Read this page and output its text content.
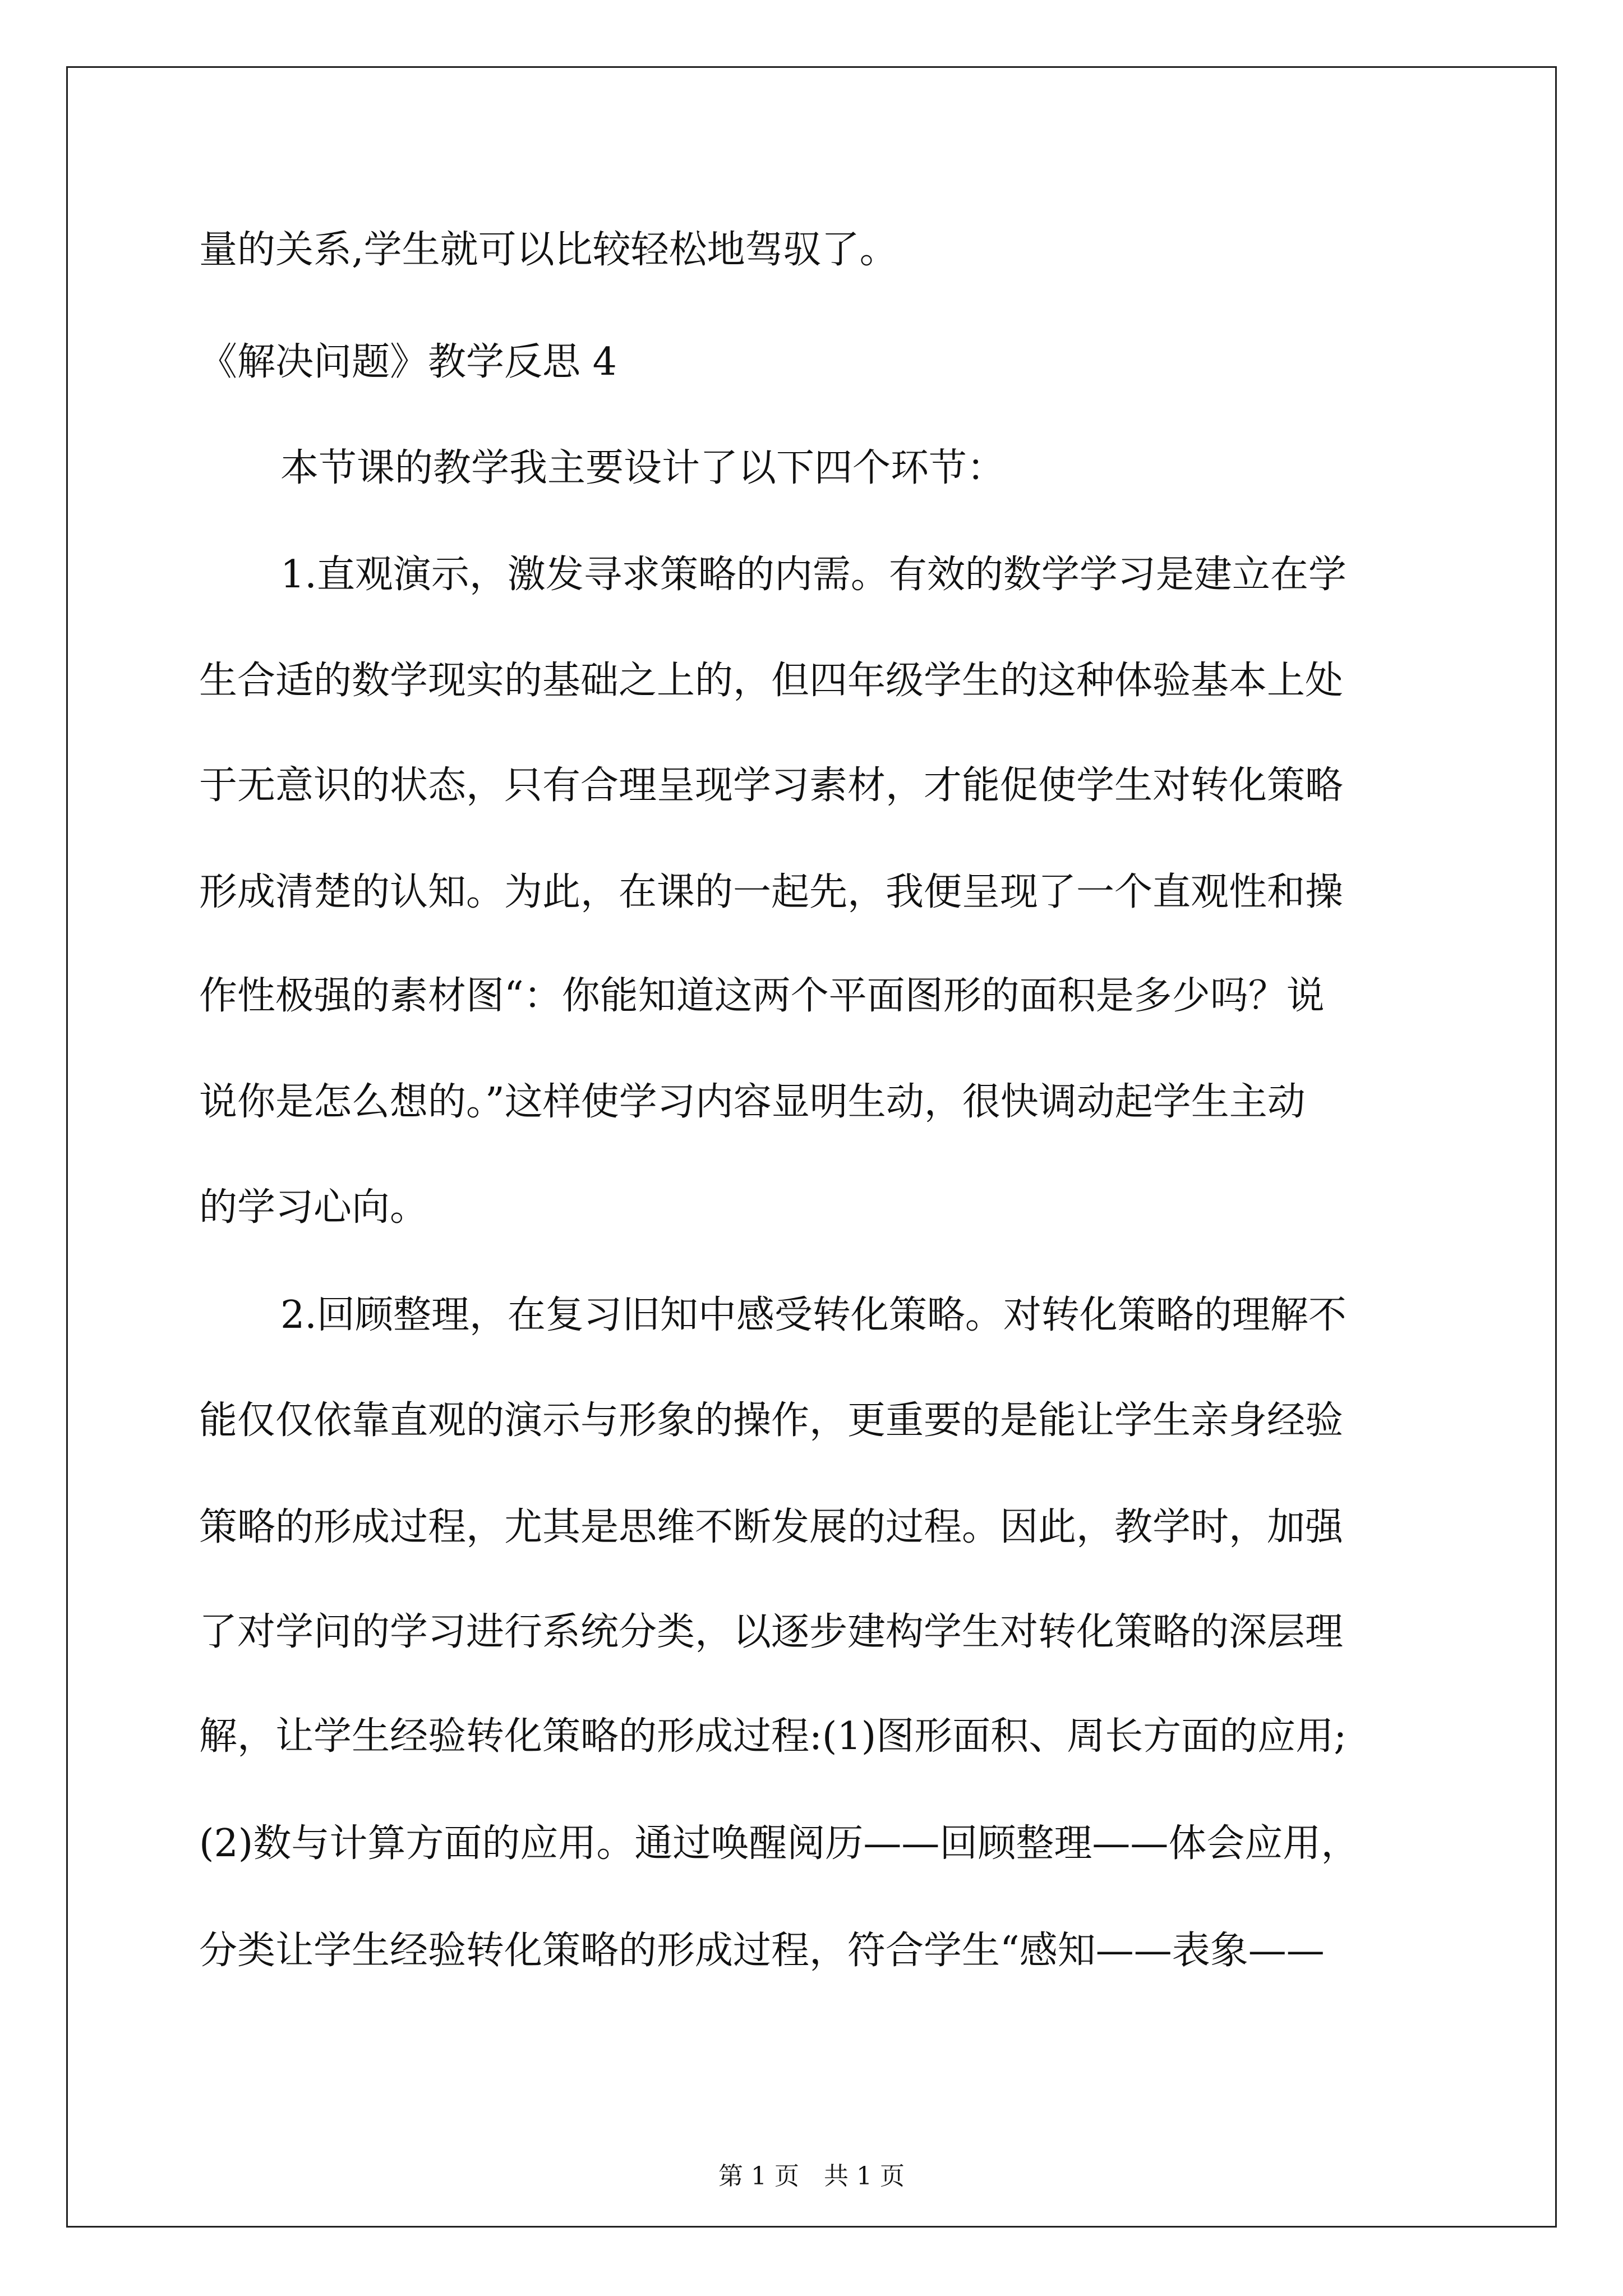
量的关系,学生就可以比较轻松地驾驭了。
《解决问题》教学反思 4
本节课的教学我主要设计了以下四个环节：
1.直观演示，激发寻求策略的内需。有效的数学学习是建立在学
生合适的数学现实的基础之上的，但四年级学生的这种体验基本上处
于无意识的状态，只有合理呈现学习素材，才能促使学生对转化策略
形成清楚的认知。为此，在课的一起先，我便呈现了一个直观性和操
作性极强的素材图“：你能知道这两个平面图形的面积是多少吗？说
说你是怎么想的。”这样使学习内容显明生动，很快调动起学生主动
的学习心向。
2.回顾整理，在复习旧知中感受转化策略。对转化策略的理解不
能仅仅依靠直观的演示与形象的操作，更重要的是能让学生亲身经验
策略的形成过程，尤其是思维不断发展的过程。因此，教学时，加强
了对学问的学习进行系统分类，以逐步建构学生对转化策略的深层理
解，让学生经验转化策略的形成过程:(1)图形面积、周长方面的应用;
(2)数与计算方面的应用。通过唤醒阅历——回顾整理——体会应用，
分类让学生经验转化策略的形成过程，符合学生“感知——表象——
第 1 页　共 1 页
